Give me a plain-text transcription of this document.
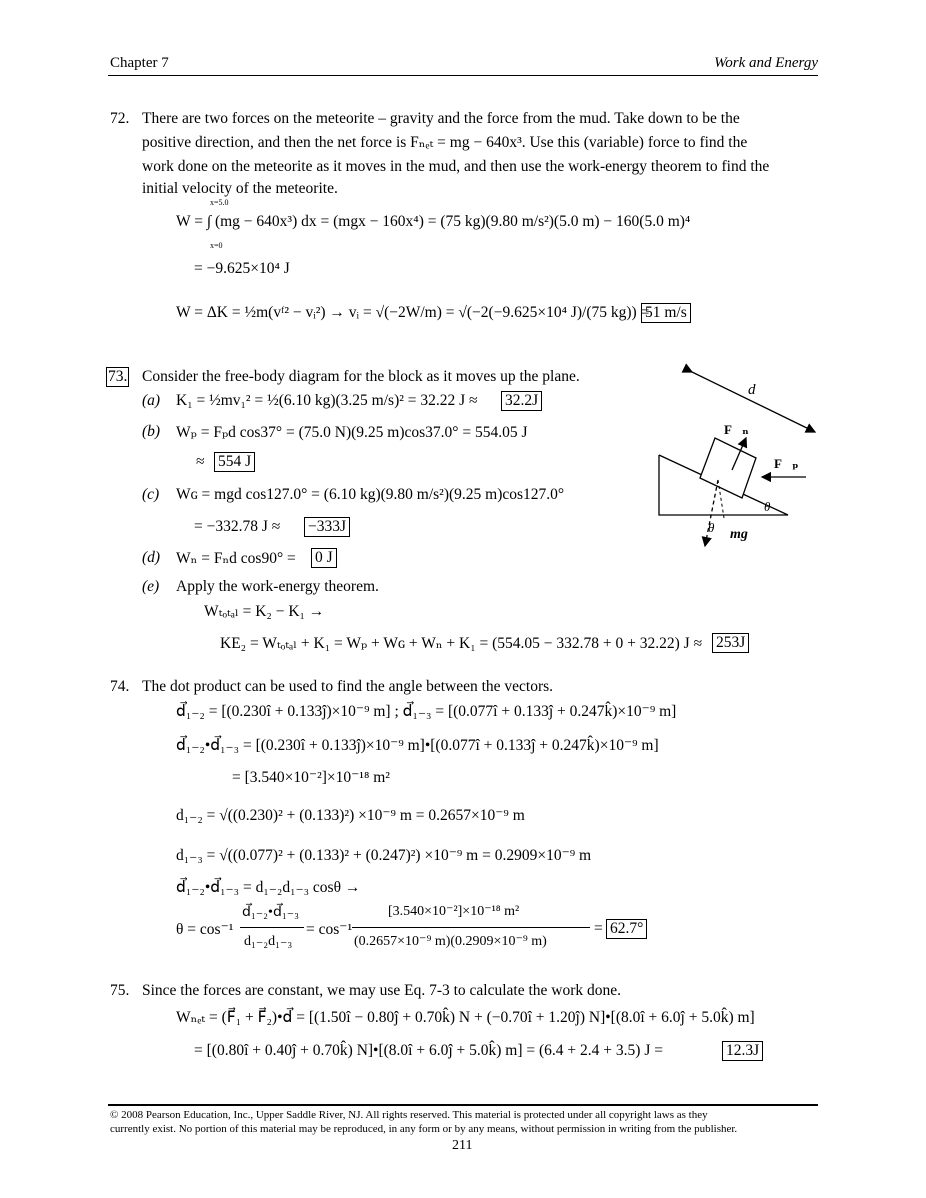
Chapter 7	Work and Energy
72. There are two forces on the meteorite – gravity and the force from the mud. Take down to be the
positive direction, and then the net force is Fₙₑₜ = mg − 640x³. Use this (variable) force to find the
work done on the meteorite as it moves in the mud, and then use the work-energy theorem to find the
initial velocity of the meteorite.
x=5.0
x=0
W = ∫ (mg − 640x³) dx = (mgx − 160x⁴) = (75 kg)(9.80 m/s²)(5.0 m) − 160(5.0 m)⁴
= −9.625×10⁴ J
W = ΔK = ½m(vᶠ² − vᵢ²) → vᵢ = √(−2W/m) = √(−2(−9.625×10⁴ J)/(75 kg)) =
51 m/s
73. Consider the free-body diagram for the block as it moves up the plane.
(a) K₁ = ½mv₁² = ½(6.10 kg)(3.25 m/s)² = 32.22 J ≈ 32.2J
(b) Wₚ = Fₚd cos37° = (75.0 N)(9.25 m)cos37.0° = 554.05 J
≈ 554 J
(c) Wɢ = mgd cos127.0° = (6.10 kg)(9.80 m/s²)(9.25 m)cos127.0°
= −332.78 J ≈ −333J
(d) Wₙ = Fₙd cos90° = 0 J
(e) Apply the work-energy theorem.
Wₜₒₜₐₗ = K₂ − K₁ →
KE₂ = Wₜₒₜₐₗ + K₁ = Wₚ + Wɢ + Wₙ + K₁ = (554.05 − 332.78 + 0 + 32.22) J ≈ 253J
d
F⃗ₙ
F⃗ₚ
θ
θ mg⃗
74. The dot product can be used to find the angle between the vectors.
d⃗₁₋₂ = [(0.230î + 0.133ĵ)×10⁻⁹ m] ; d⃗₁₋₃ = [(0.077î + 0.133ĵ + 0.247k̂)×10⁻⁹ m]
d⃗₁₋₂•d⃗₁₋₃ = [(0.230î + 0.133ĵ)×10⁻⁹ m]•[(0.077î + 0.133ĵ + 0.247k̂)×10⁻⁹ m]
= [3.540×10⁻²]×10⁻¹⁸ m²
d₁₋₂ = √((0.230)² + (0.133)²) ×10⁻⁹ m = 0.2657×10⁻⁹ m
d₁₋₃ = √((0.077)² + (0.133)² + (0.247)²) ×10⁻⁹ m = 0.2909×10⁻⁹ m
d⃗₁₋₂•d⃗₁₋₃ = d₁₋₂d₁₋₃ cosθ →
θ = cos⁻¹
d⃗₁₋₂•d⃗₁₋₃
d₁₋₂d₁₋₃
= cos⁻¹
[3.540×10⁻²]×10⁻¹⁸ m²
(0.2657×10⁻⁹ m)(0.2909×10⁻⁹ m)
= 62.7°
75. Since the forces are constant, we may use Eq. 7-3 to calculate the work done.
Wₙₑₜ = (F⃗₁ + F⃗₂)•d⃗ = [(1.50î − 0.80ĵ + 0.70k̂) N + (−0.70î + 1.20ĵ) N]•[(8.0î + 6.0ĵ + 5.0k̂) m]
= [(0.80î + 0.40ĵ + 0.70k̂) N]•[(8.0î + 6.0ĵ + 5.0k̂) m] = (6.4 + 2.4 + 3.5) J =	12.3J
© 2008 Pearson Education, Inc., Upper Saddle River, NJ. All rights reserved. This material is protected under all copyright laws as they
currently exist. No portion of this material may be reproduced, in any form or by any means, without permission in writing from the publisher.
211
